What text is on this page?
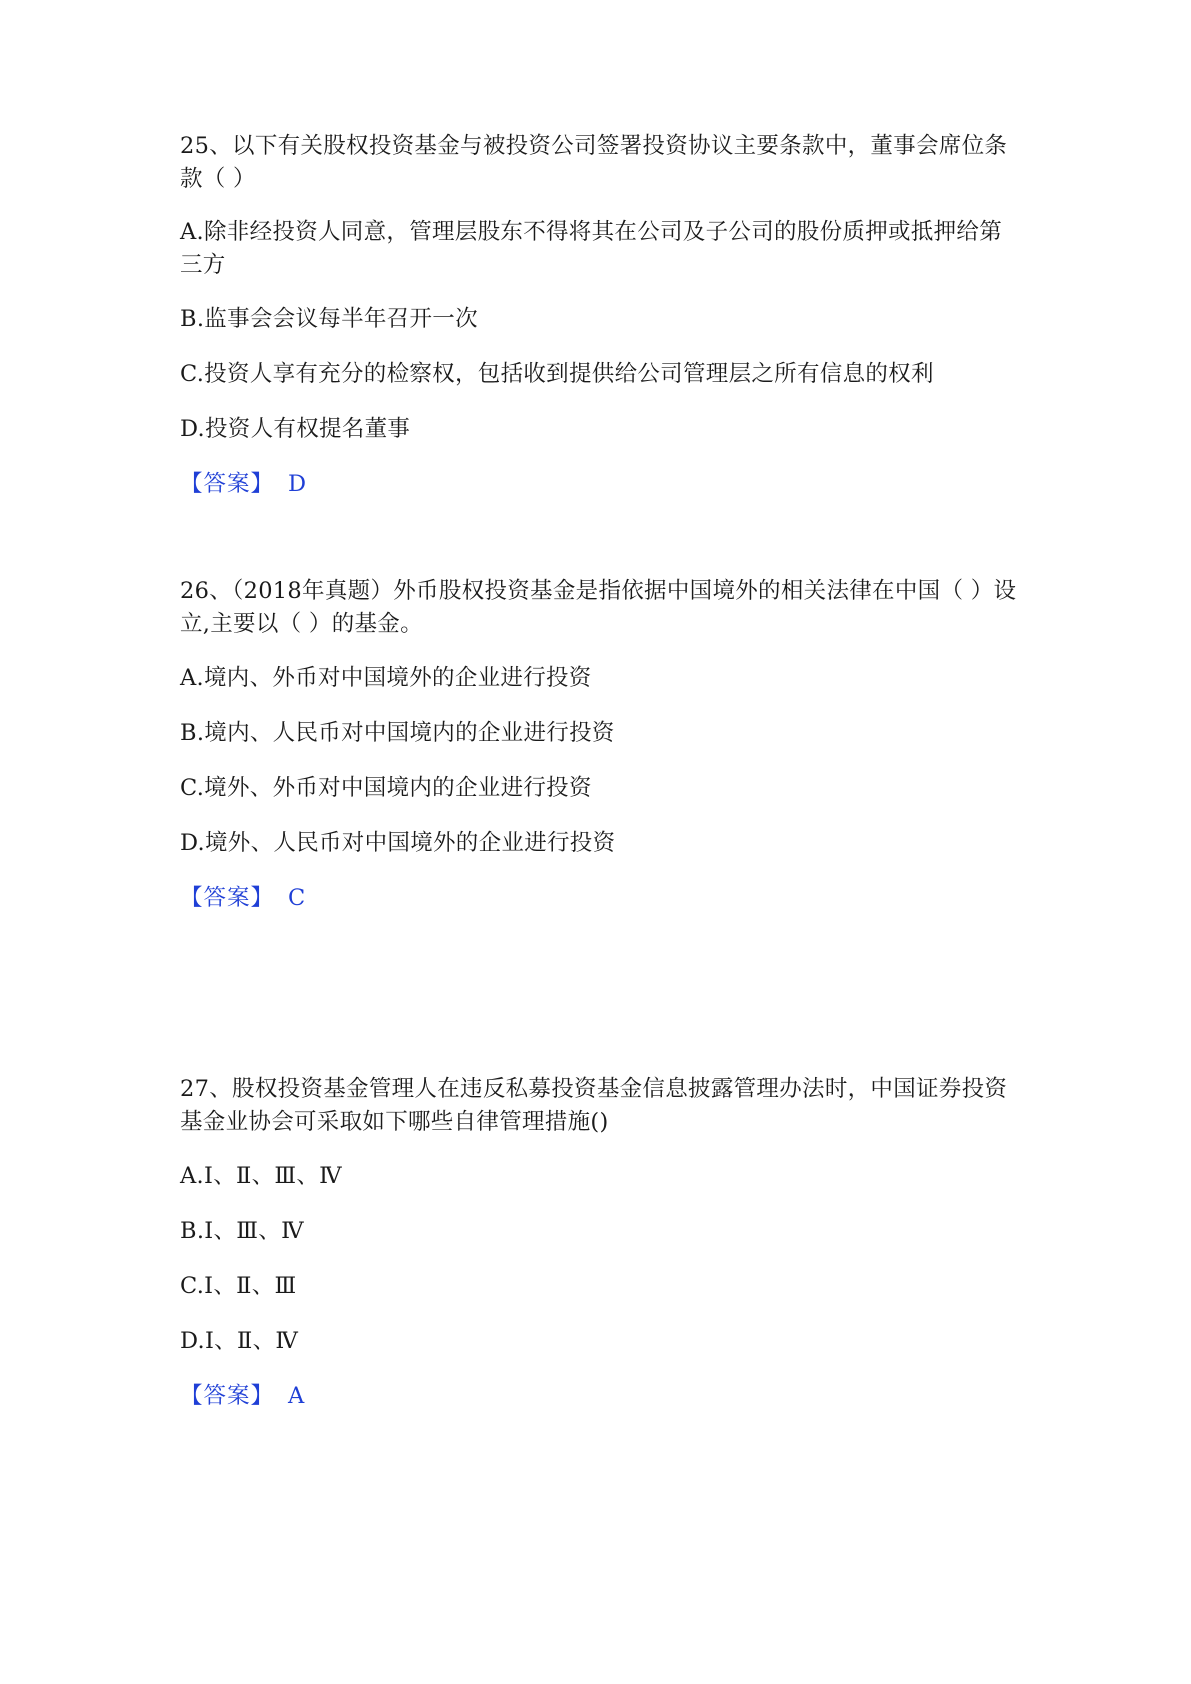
25、以下有关股权投资基金与被投资公司签署投资协议主要条款中，董事会席位条款（ ）

A.除非经投资人同意，管理层股东不得将其在公司及子公司的股份质押或抵押给第三方

B.监事会会议每半年召开一次

C.投资人享有充分的检察权，包括收到提供给公司管理层之所有信息的权利

D.投资人有权提名董事

【答案】 D

26、（2018年真题）外币股权投资基金是指依据中国境外的相关法律在中国（ ）设立,主要以（ ）的基金。

A.境内、外币对中国境外的企业进行投资

B.境内、人民币对中国境内的企业进行投资

C.境外、外币对中国境内的企业进行投资

D.境外、人民币对中国境外的企业进行投资

【答案】 C

27、股权投资基金管理人在违反私募投资基金信息披露管理办法时，中国证券投资基金业协会可采取如下哪些自律管理措施()

A.Ⅰ、Ⅱ、Ⅲ、Ⅳ

B.Ⅰ、Ⅲ、Ⅳ

C.Ⅰ、Ⅱ、Ⅲ

D.Ⅰ、Ⅱ、Ⅳ

【答案】 A
